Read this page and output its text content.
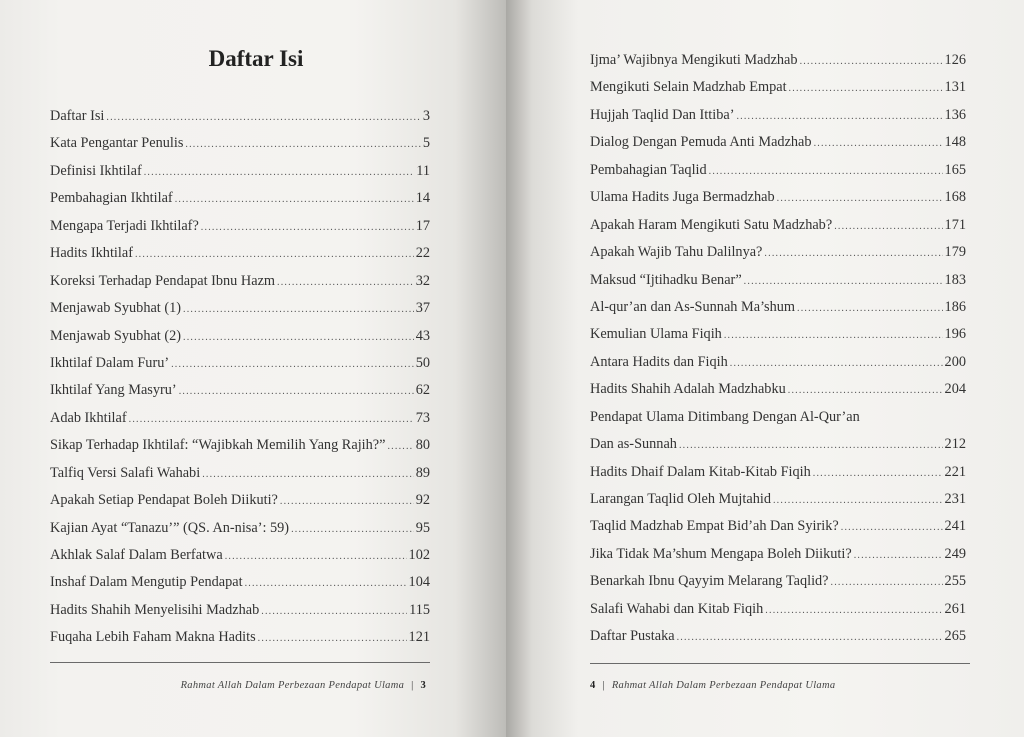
Daftar Isi
Daftar Isi .....	3
Kata Pengantar Penulis .....	5
Definisi Ikhtilaf .....	11
Pembahagian Ikhtilaf .....	14
Mengapa Terjadi Ikhtilaf? .....	17
Hadits Ikhtilaf .....	22
Koreksi Terhadap Pendapat Ibnu Hazm .....	32
Menjawab Syubhat (1) .....	37
Menjawab Syubhat (2) .....	43
Ikhtilaf Dalam Furu’ .....	50
Ikhtilaf Yang Masyru’ .....	62
Adab Ikhtilaf .....	73
Sikap Terhadap Ikhtilaf: “Wajibkah Memilih Yang Rajih?” ..... 80
Talfiq Versi Salafi Wahabi .....	89
Apakah Setiap Pendapat Boleh Diikuti? .....	92
Kajian Ayat “Tanazu’” (QS. An-nisa’: 59) .....	95
Akhlak Salaf Dalam Berfatwa .....	102
Inshaf Dalam Mengutip Pendapat .....	104
Hadits Shahih Menyelisihi Madzhab .....	115
Fuqaha Lebih Faham Makna Hadits .....	121
Rahmat Allah Dalam Perbezaan Pendapat Ulama | 3
Ijma’ Wajibnya Mengikuti Madzhab .....	126
Mengikuti Selain Madzhab Empat .....	131
Hujjah Taqlid Dan Ittiba’ .....	136
Dialog Dengan Pemuda Anti Madzhab .....	148
Pembahagian Taqlid .....	165
Ulama Hadits Juga Bermadzhab .....	168
Apakah Haram Mengikuti Satu Madzhab? .....	171
Apakah Wajib Tahu Dalilnya? .....	179
Maksud “Ijtihadku Benar” .....	183
Al-qur’an dan As-Sunnah Ma’shum .....	186
Kemulian Ulama Fiqih .....	196
Antara Hadits dan Fiqih .....	200
Hadits Shahih Adalah Madzhabku .....	204
Pendapat Ulama Ditimbang Dengan Al-Qur’an
Dan as-Sunnah .....	212
Hadits Dhaif Dalam Kitab-Kitab Fiqih .....	221
Larangan Taqlid Oleh Mujtahid .....	231
Taqlid Madzhab Empat Bid’ah Dan Syirik? .....	241
Jika Tidak Ma’shum Mengapa Boleh Diikuti? .....	249
Benarkah Ibnu Qayyim Melarang Taqlid? .....	255
Salafi Wahabi dan Kitab Fiqih .....	261
Daftar Pustaka .....	265
4 | Rahmat Allah Dalam Perbezaan Pendapat Ulama
